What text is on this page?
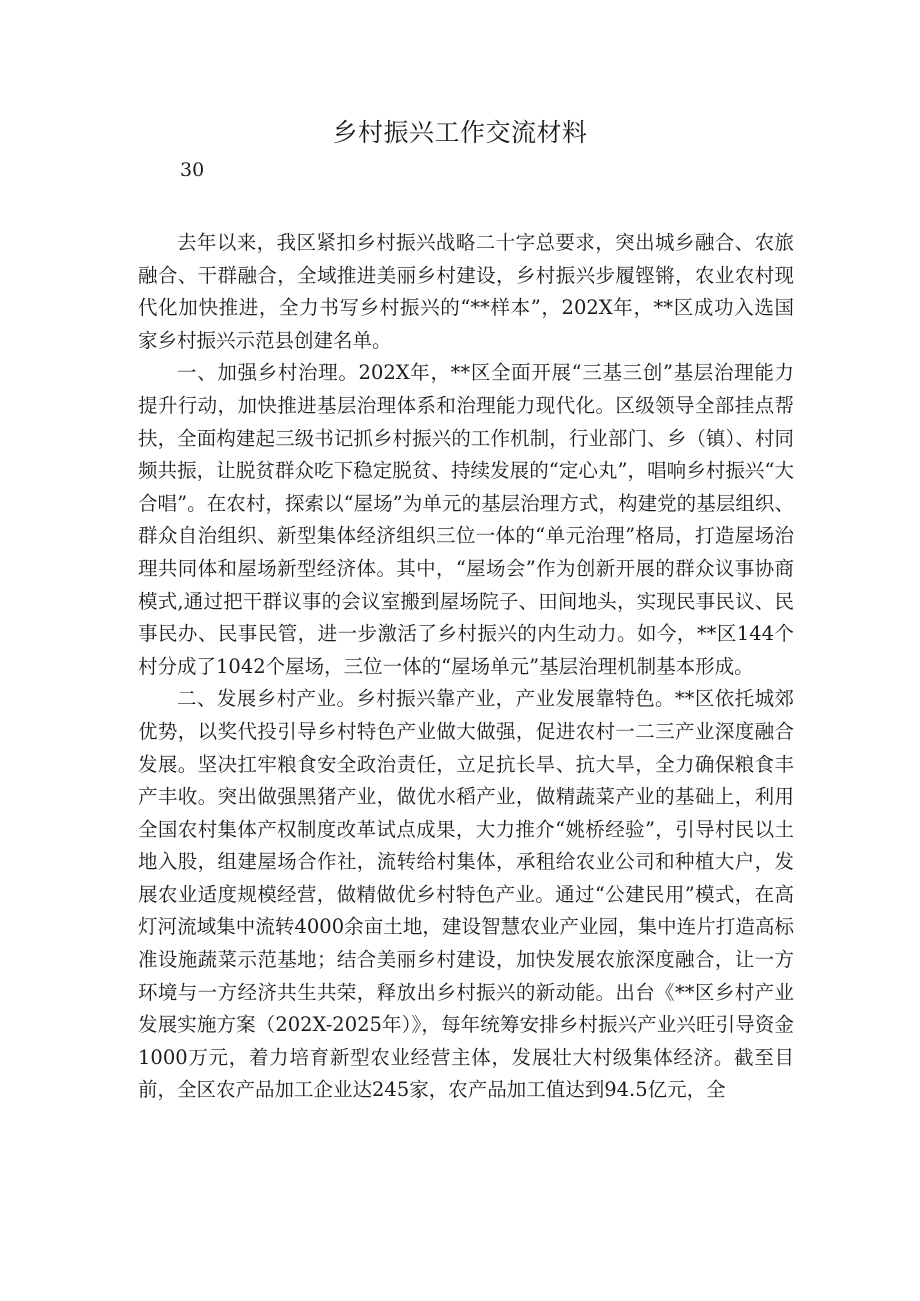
乡村振兴工作交流材料
30

去年以来，我区紧扣乡村振兴战略二十字总要求，突出城乡融合、农旅融合、干群融合，全域推进美丽乡村建设，乡村振兴步履铿锵，农业农村现代化加快推进，全力书写乡村振兴的“**样本”，202X年，**区成功入选国家乡村振兴示范县创建名单。

一、加强乡村治理。202X年，**区全面开展“三基三创”基层治理能力提升行动，加快推进基层治理体系和治理能力现代化。区级领导全部挂点帮扶，全面构建起三级书记抓乡村振兴的工作机制，行业部门、乡（镇）、村同频共振，让脱贫群众吃下稳定脱贫、持续发展的“定心丸”，唱响乡村振兴“大合唱”。在农村，探索以“屋场”为单元的基层治理方式，构建党的基层组织、群众自治组织、新型集体经济组织三位一体的“单元治理”格局，打造屋场治理共同体和屋场新型经济体。其中，“屋场会”作为创新开展的群众议事协商模式,通过把干群议事的会议室搬到屋场院子、田间地头，实现民事民议、民事民办、民事民管，进一步激活了乡村振兴的内生动力。如今，**区144个村分成了1042个屋场，三位一体的“屋场单元”基层治理机制基本形成。

二、发展乡村产业。乡村振兴靠产业，产业发展靠特色。**区依托城郊优势，以奖代投引导乡村特色产业做大做强，促进农村一二三产业深度融合发展。坚决扛牢粮食安全政治责任，立足抗长旱、抗大旱，全力确保粮食丰产丰收。突出做强黑猪产业，做优水稻产业，做精蔬菜产业的基础上，利用全国农村集体产权制度改革试点成果，大力推介“姚桥经验”，引导村民以土地入股，组建屋场合作社，流转给村集体，承租给农业公司和种植大户，发展农业适度规模经营，做精做优乡村特色产业。通过“公建民用”模式，在高灯河流域集中流转4000余亩土地，建设智慧农业产业园，集中连片打造高标准设施蔬菜示范基地；结合美丽乡村建设，加快发展农旅深度融合，让一方环境与一方经济共生共荣，释放出乡村振兴的新动能。出台《**区乡村产业发展实施方案（202X-2025年）》，每年统筹安排乡村振兴产业兴旺引导资金1000万元，着力培育新型农业经营主体，发展壮大村级集体经济。截至目前，全区农产品加工企业达245家，农产品加工值达到94.5亿元，全
